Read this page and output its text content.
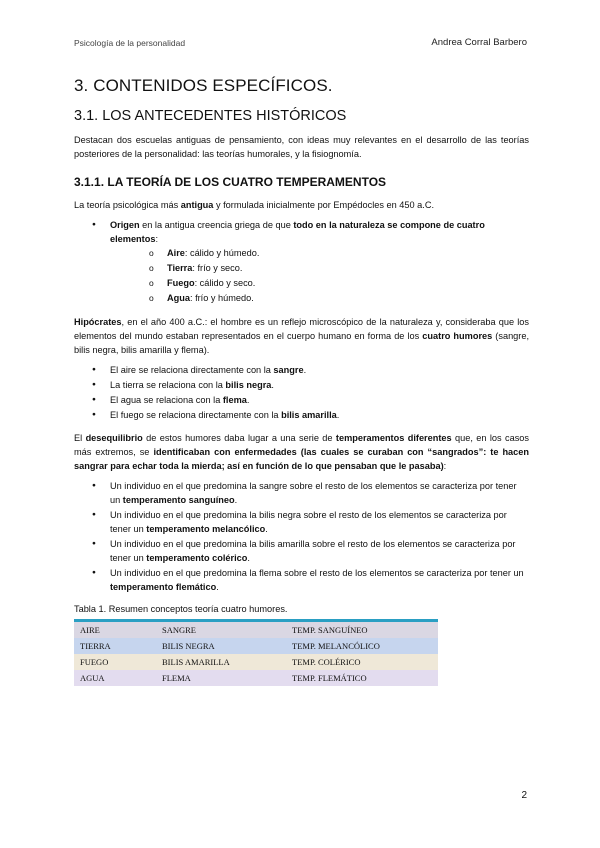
Psicología de la personalidad	Andrea Corral Barbero
3. CONTENIDOS ESPECÍFICOS.
3.1. LOS ANTECEDENTES HISTÓRICOS

Destacan dos escuelas antiguas de pensamiento, con ideas muy relevantes en el desarrollo de las teorías posteriores de la personalidad: las teorías humorales, y la fisiognomía.

3.1.1. LA TEORÍA DE LOS CUATRO TEMPERAMENTOS

La teoría psicológica más antigua y formulada inicialmente por Empédocles en 450 a.C.

● Origen en la antigua creencia griega de que todo en la naturaleza se compone de cuatro elementos:
o Aire: cálido y húmedo.
o Tierra: frío y seco.
o Fuego: cálido y seco.
o Agua: frío y húmedo.

Hipócrates, en el año 400 a.C.: el hombre es un reflejo microscópico de la naturaleza y, consideraba que los elementos del mundo estaban representados en el cuerpo humano en forma de los cuatro humores (sangre, bilis negra, bilis amarilla y flema).

● El aire se relaciona directamente con la sangre.
● La tierra se relaciona con la bilis negra.
● El agua se relaciona con la flema.
● El fuego se relaciona directamente con la bilis amarilla.

El desequilibrio de estos humores daba lugar a una serie de temperamentos diferentes que, en los casos más extremos, se identificaban con enfermedades (las cuales se curaban con “sangrados”: te hacen sangrar para echar toda la mierda; así en función de lo que pensaban que le pasaba):

● Un individuo en el que predomina la sangre sobre el resto de los elementos se caracteriza por tener un temperamento sanguíneo.
● Un individuo en el que predomina la bilis negra sobre el resto de los elementos se caracteriza por tener un temperamento melancólico.
● Un individuo en el que predomina la bilis amarilla sobre el resto de los elementos se caracteriza por tener un temperamento colérico.
● Un individuo en el que predomina la flema sobre el resto de los elementos se caracteriza por tener un temperamento flemático.
Tabla 1. Resumen conceptos teoría cuatro humores.
AIRE	SANGRE	TEMP. SANGUÍNEO
TIERRA	BILIS NEGRA	TEMP. MELANCÓLICO
FUEGO	BILIS AMARILLA	TEMP. COLÉRICO
AGUA	FLEMA	TEMP. FLEMÁTICO
2
